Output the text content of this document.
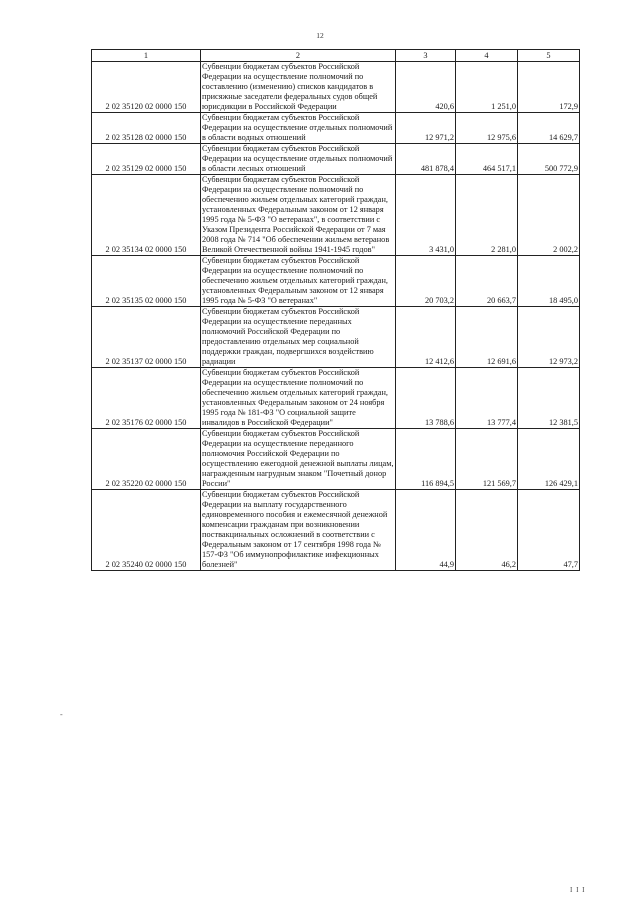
12
1	2	3	4	5
2 02 35120 02 0000 150	Субвенции бюджетам субъектов Российской Федерации на осуществление полномочий по составлению (изменению) списков кандидатов в присяжные заседатели федеральных судов общей юрисдикции в Российской Федерации	420,6	1 251,0	172,9
2 02 35128 02 0000 150	Субвенции бюджетам субъектов Российской Федерации на осуществление отдельных полномочий в области водных отношений	12 971,2	12 975,6	14 629,7
2 02 35129 02 0000 150	Субвенции бюджетам субъектов Российской Федерации на осуществление отдельных полномочий в области лесных отношений	481 878,4	464 517,1	500 772,9
2 02 35134 02 0000 150	Субвенции бюджетам субъектов Российской Федерации на осуществление полномочий по обеспечению жильем отдельных категорий граждан, установленных Федеральным законом от 12 января 1995 года № 5-ФЗ "О ветеранах", в соответствии с Указом Президента Российской Федерации от 7 мая 2008 года № 714 "Об обеспечении жильем ветеранов Великой Отечественной войны 1941-1945 годов"	3 431,0	2 281,0	2 002,2
2 02 35135 02 0000 150	Субвенции бюджетам субъектов Российской Федерации на осуществление полномочий по обеспечению жильем отдельных категорий граждан, установленных Федеральным законом от 12 января 1995 года № 5-ФЗ "О ветеранах"	20 703,2	20 663,7	18 495,0
2 02 35137 02 0000 150	Субвенции бюджетам субъектов Российской Федерации на осуществление переданных полномочий Российской Федерации по предоставлению отдельных мер социальной поддержки граждан, подвергшихся воздействию радиации	12 412,6	12 691,6	12 973,2
2 02 35176 02 0000 150	Субвенции бюджетам субъектов Российской Федерации на осуществление полномочий по обеспечению жильем отдельных категорий граждан, установленных Федеральным законом от 24 ноября 1995 года № 181-ФЗ "О социальной защите инвалидов в Российской Федерации"	13 788,6	13 777,4	12 381,5
2 02 35220 02 0000 150	Субвенции бюджетам субъектов Российской Федерации на осуществление переданного полномочия Российской Федерации по осуществлению ежегодной денежной выплаты лицам, награжденным нагрудным знаком "Почетный донор России"	116 894,5	121 569,7	126 429,1
2 02 35240 02 0000 150	Субвенции бюджетам субъектов Российской Федерации на выплату государственного единовременного пособия и ежемесячной денежной компенсации гражданам при возникновении поствакцинальных осложнений в соответствии с Федеральным законом от 17 сентября 1998 года № 157-ФЗ "Об иммунопрофилактике инфекционных болезней"	44,9	46,2	47,7
-
I I I
